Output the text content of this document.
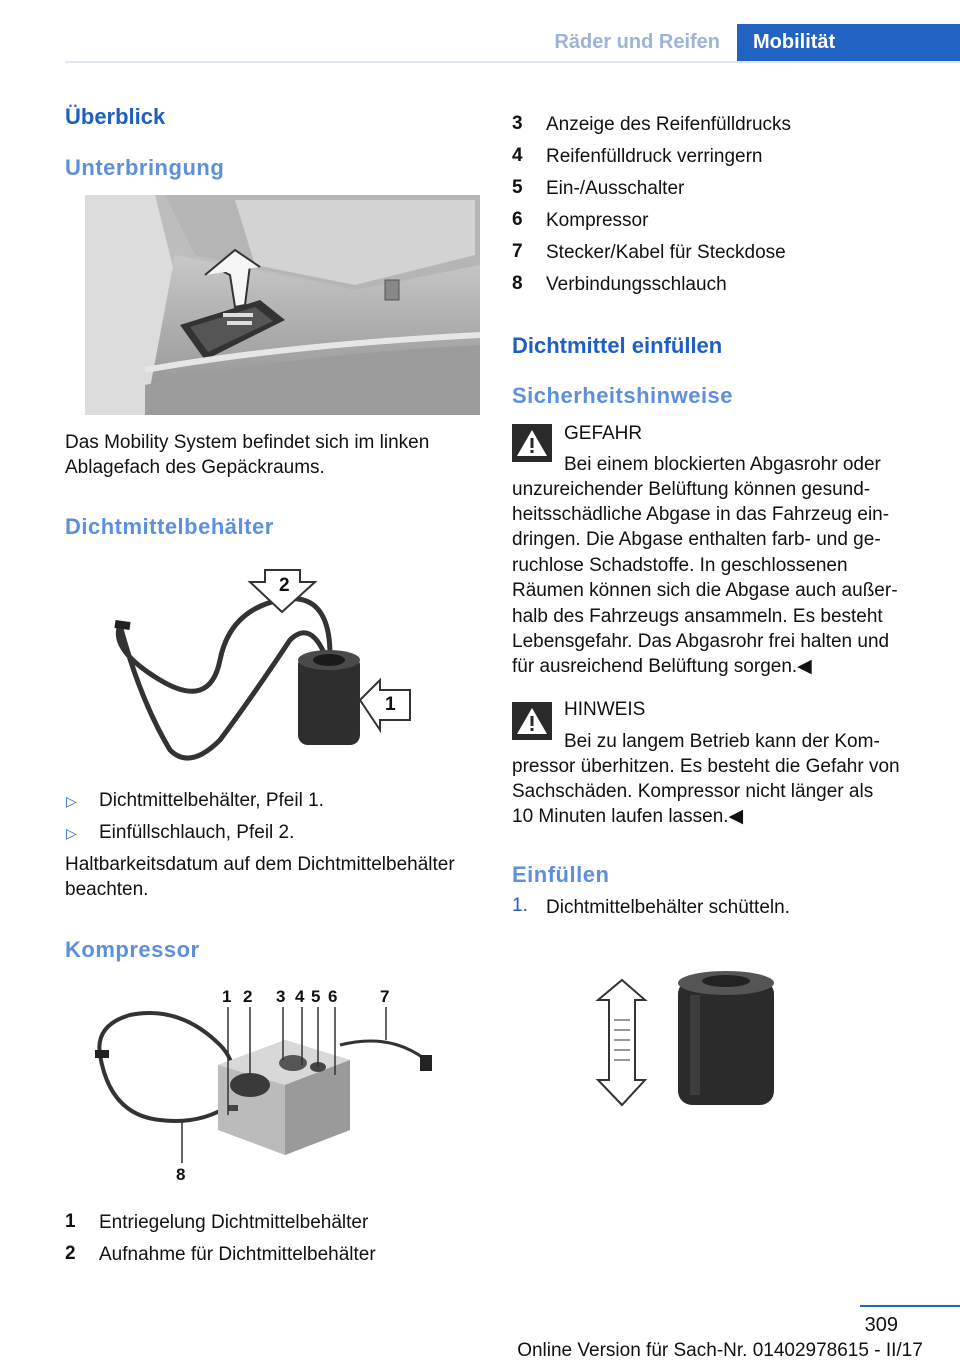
Räder und Reifen	Mobilität
Überblick
Unterbringung
Das Mobility System befindet sich im linken
Ablagefach des Gepäckraums.
Dichtmittelbehälter
2
1
▷ Dichtmittelbehälter, Pfeil 1.
▷ Einfüllschlauch, Pfeil 2.
Haltbarkeitsdatum auf dem Dichtmittelbehälter
beachten.
Kompressor
1 2 3 4 5 6	7
8
1 Entriegelung Dichtmittelbehälter
2 Aufnahme für Dichtmittelbehälter
3 Anzeige des Reifenfülldrucks
4 Reifenfülldruck verringern
5 Ein-/Ausschalter
6 Kompressor
7 Stecker/Kabel für Steckdose
8 Verbindungsschlauch
Dichtmittel einfüllen
Sicherheitshinweise
GEFAHR
Bei einem blockierten Abgasrohr oder
unzureichender Belüftung können gesund‐
heitsschädliche Abgase in das Fahrzeug ein‐
dringen. Die Abgase enthalten farb- und ge‐
ruchlose Schadstoffe. In geschlossenen
Räumen können sich die Abgase auch außer‐
halb des Fahrzeugs ansammeln. Es besteht
Lebensgefahr. Das Abgasrohr frei halten und
für ausreichend Belüftung sorgen.◀
HINWEIS
Bei zu langem Betrieb kann der Kom‐
pressor überhitzen. Es besteht die Gefahr von
Sachschäden. Kompressor nicht länger als
10 Minuten laufen lassen.◀
Einfüllen
1. Dichtmittelbehälter schütteln.
309
Online Version für Sach-Nr. 01402978615 - II/17
